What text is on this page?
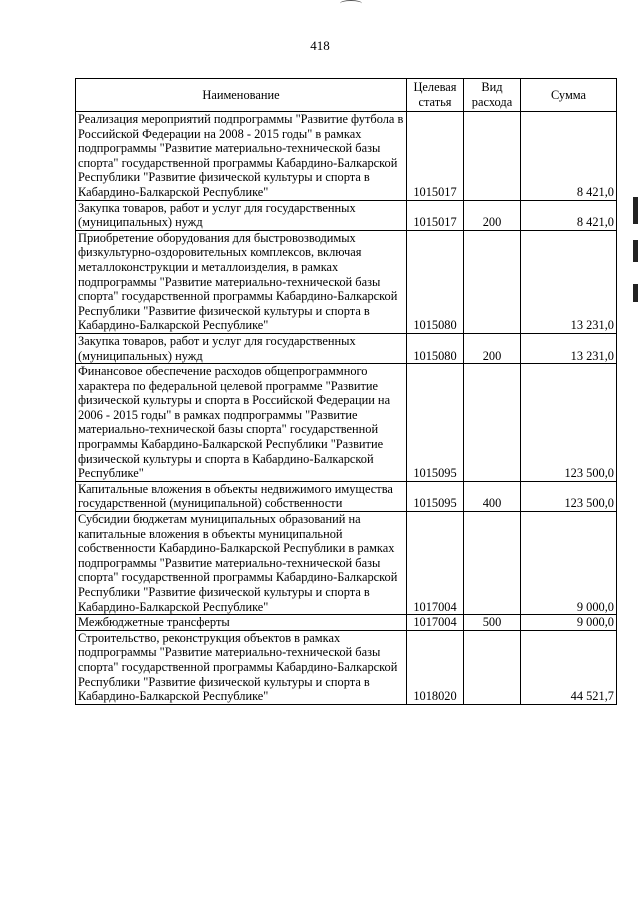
418
Наименование	Целевая статья	Вид расхода	Сумма
Реализация мероприятий подпрограммы "Развитие футбола в Российской Федерации на 2008 - 2015 годы" в рамках подпрограммы "Развитие материально-технической базы спорта" государственной программы Кабардино-Балкарской Республики "Развитие физической культуры и спорта в Кабардино-Балкарской Республике"	1015017		8 421,0
Закупка товаров, работ и услуг для государственных (муниципальных) нужд	1015017	200	8 421,0
Приобретение оборудования для быстровозводимых физкультурно-оздоровительных комплексов, включая металлоконструкции и металлоизделия, в рамках подпрограммы "Развитие материально-технической базы спорта" государственной программы Кабардино-Балкарской Республики "Развитие физической культуры и спорта в Кабардино-Балкарской Республике"	1015080		13 231,0
Закупка товаров, работ и услуг для государственных (муниципальных) нужд	1015080	200	13 231,0
Финансовое обеспечение расходов общепрограммного характера по федеральной целевой программе "Развитие физической культуры и спорта в Российской Федерации на 2006 - 2015 годы" в рамках подпрограммы "Развитие материально-технической базы спорта" государственной программы Кабардино-Балкарской Республики "Развитие физической культуры и спорта в Кабардино-Балкарской Республике"	1015095		123 500,0
Капитальные вложения в объекты недвижимого имущества государственной (муниципальной) собственности	1015095	400	123 500,0
Субсидии бюджетам муниципальных образований на капитальные вложения в объекты муниципальной собственности Кабардино-Балкарской Республики в рамках подпрограммы "Развитие материально-технической базы спорта" государственной программы Кабардино-Балкарской Республики "Развитие физической культуры и спорта в Кабардино-Балкарской Республике"	1017004		9 000,0
Межбюджетные трансферты	1017004	500	9 000,0
Строительство, реконструкция объектов в рамках подпрограммы "Развитие материально-технической базы спорта" государственной программы Кабардино-Балкарской Республики "Развитие физической культуры и спорта в Кабардино-Балкарской Республике"	1018020		44 521,7
